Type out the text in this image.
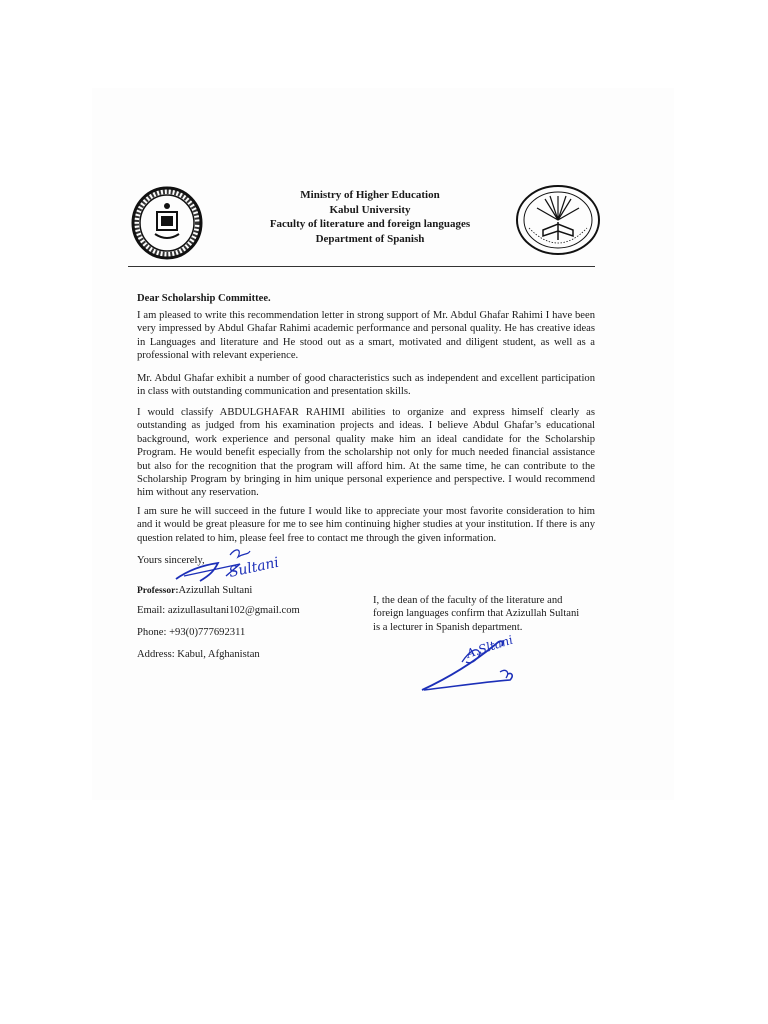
Ministry of Higher Education
Kabul University
Faculty of literature and foreign languages
Department of Spanish

Dear Scholarship Committee.

I am pleased to write this recommendation letter in strong support of Mr. Abdul Ghafar Rahimi I have been very impressed by Abdul Ghafar Rahimi academic performance and personal quality. He has creative ideas in Languages and literature and He stood out as a smart, motivated and diligent student, as well as a professional with relevant experience.

Mr. Abdul Ghafar exhibit a number of good characteristics such as independent and excellent participation in class with outstanding communication and presentation skills.

I would classify ABDULGHAFAR RAHIMI abilities to organize and express himself clearly as outstanding as judged from his examination projects and ideas. I believe Abdul Ghafar’s educational background, work experience and personal quality make him an ideal candidate for the Scholarship Program. He would benefit especially from the scholarship not only for much needed financial assistance but also for the recognition that the program will afford him. At the same time, he can contribute to the Scholarship Program by bringing in him unique personal experience and perspective. I would recommend him without any reservation.

I am sure he will succeed in the future I would like to appreciate your most favorite consideration to him and it would be great pleasure for me to see him continuing higher studies at your institution. If there is any question related to him, please feel free to contact me through the given information.

Yours sincerely, Sultani
Professor:Azizullah Sultani
Email: azizullasultani102@gmail.com
Phone: +93(0)777692311
Address: Kabul, Afghanistan
I, the dean of the faculty of the literature and foreign languages confirm that Azizullah Sultani is a lecturer in Spanish department.
A.Sltani
